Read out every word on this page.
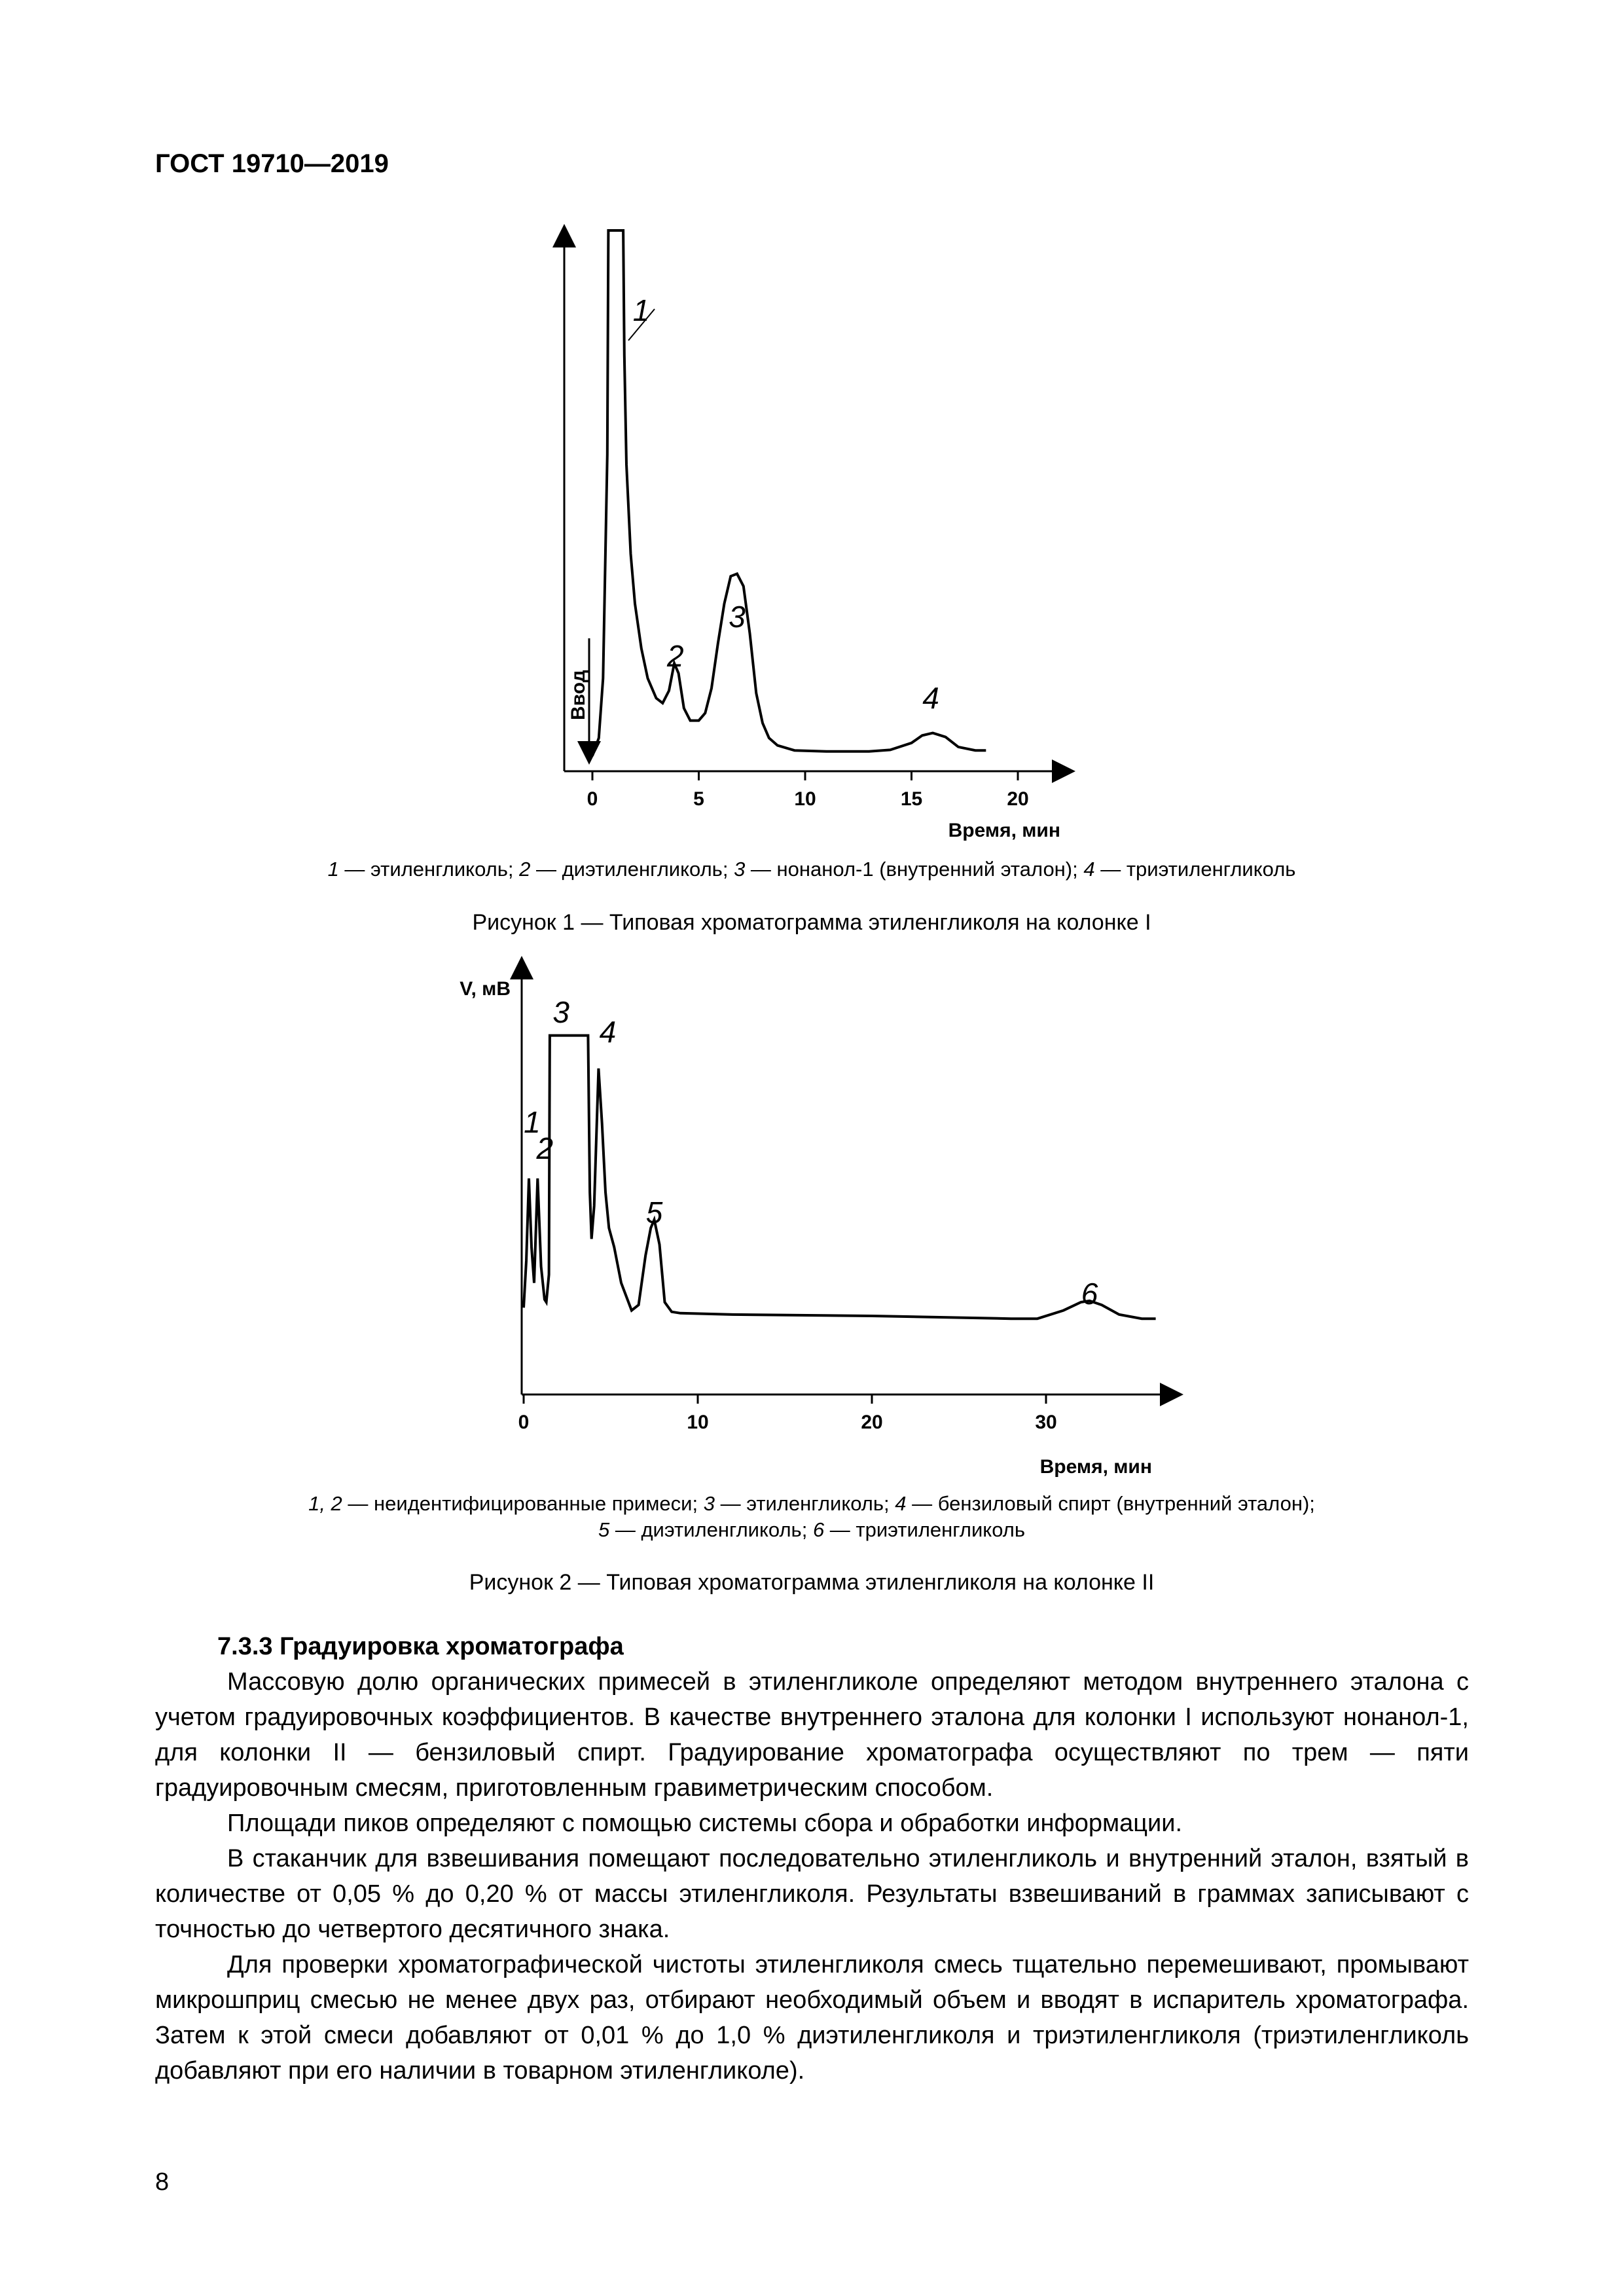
ГОСТ 19710—2019
Ввод
0	5	10	15	20
1
2
3
4
Время, мин
1 — этиленгликоль; 2 — диэтиленгликоль; 3 — нонанол-1 (внутренний эталон); 4 — триэтиленгликоль
Рисунок 1 — Типовая хроматограмма этиленгликоля на колонке I
V, мВ
0	10	20	30
1
2
3
4
5
6
Время, мин
1, 2 — неидентифицированные примеси; 3 — этиленгликоль; 4 — бензиловый спирт (внутренний эталон);
5 — диэтиленгликоль; 6 — триэтиленгликоль
Рисунок 2 — Типовая хроматограмма этиленгликоля на колонке II
7.3.3 Градуировка хроматографа

Массовую долю органических примесей в этиленгликоле определяют методом внутреннего эталона с учетом градуировочных коэффициентов. В качестве внутреннего эталона для колонки I используют нонанол-1, для колонки II — бензиловый спирт. Градуирование хроматографа осуществляют по трем — пяти градуировочным смесям, приготовленным гравиметрическим способом.

Площади пиков определяют с помощью системы сбора и обработки информации.

В стаканчик для взвешивания помещают последовательно этиленгликоль и внутренний эталон, взятый в количестве от 0,05 % до 0,20 % от массы этиленгликоля. Результаты взвешиваний в граммах записывают с точностью до четвертого десятичного знака.

Для проверки хроматографической чистоты этиленгликоля смесь тщательно перемешивают, промывают микрошприц смесью не менее двух раз, отбирают необходимый объем и вводят в испаритель хроматографа. Затем к этой смеси добавляют от 0,01 % до 1,0 % диэтиленгликоля и триэтиленгликоля (триэтиленгликоль добавляют при его наличии в товарном этиленгликоле).

8
